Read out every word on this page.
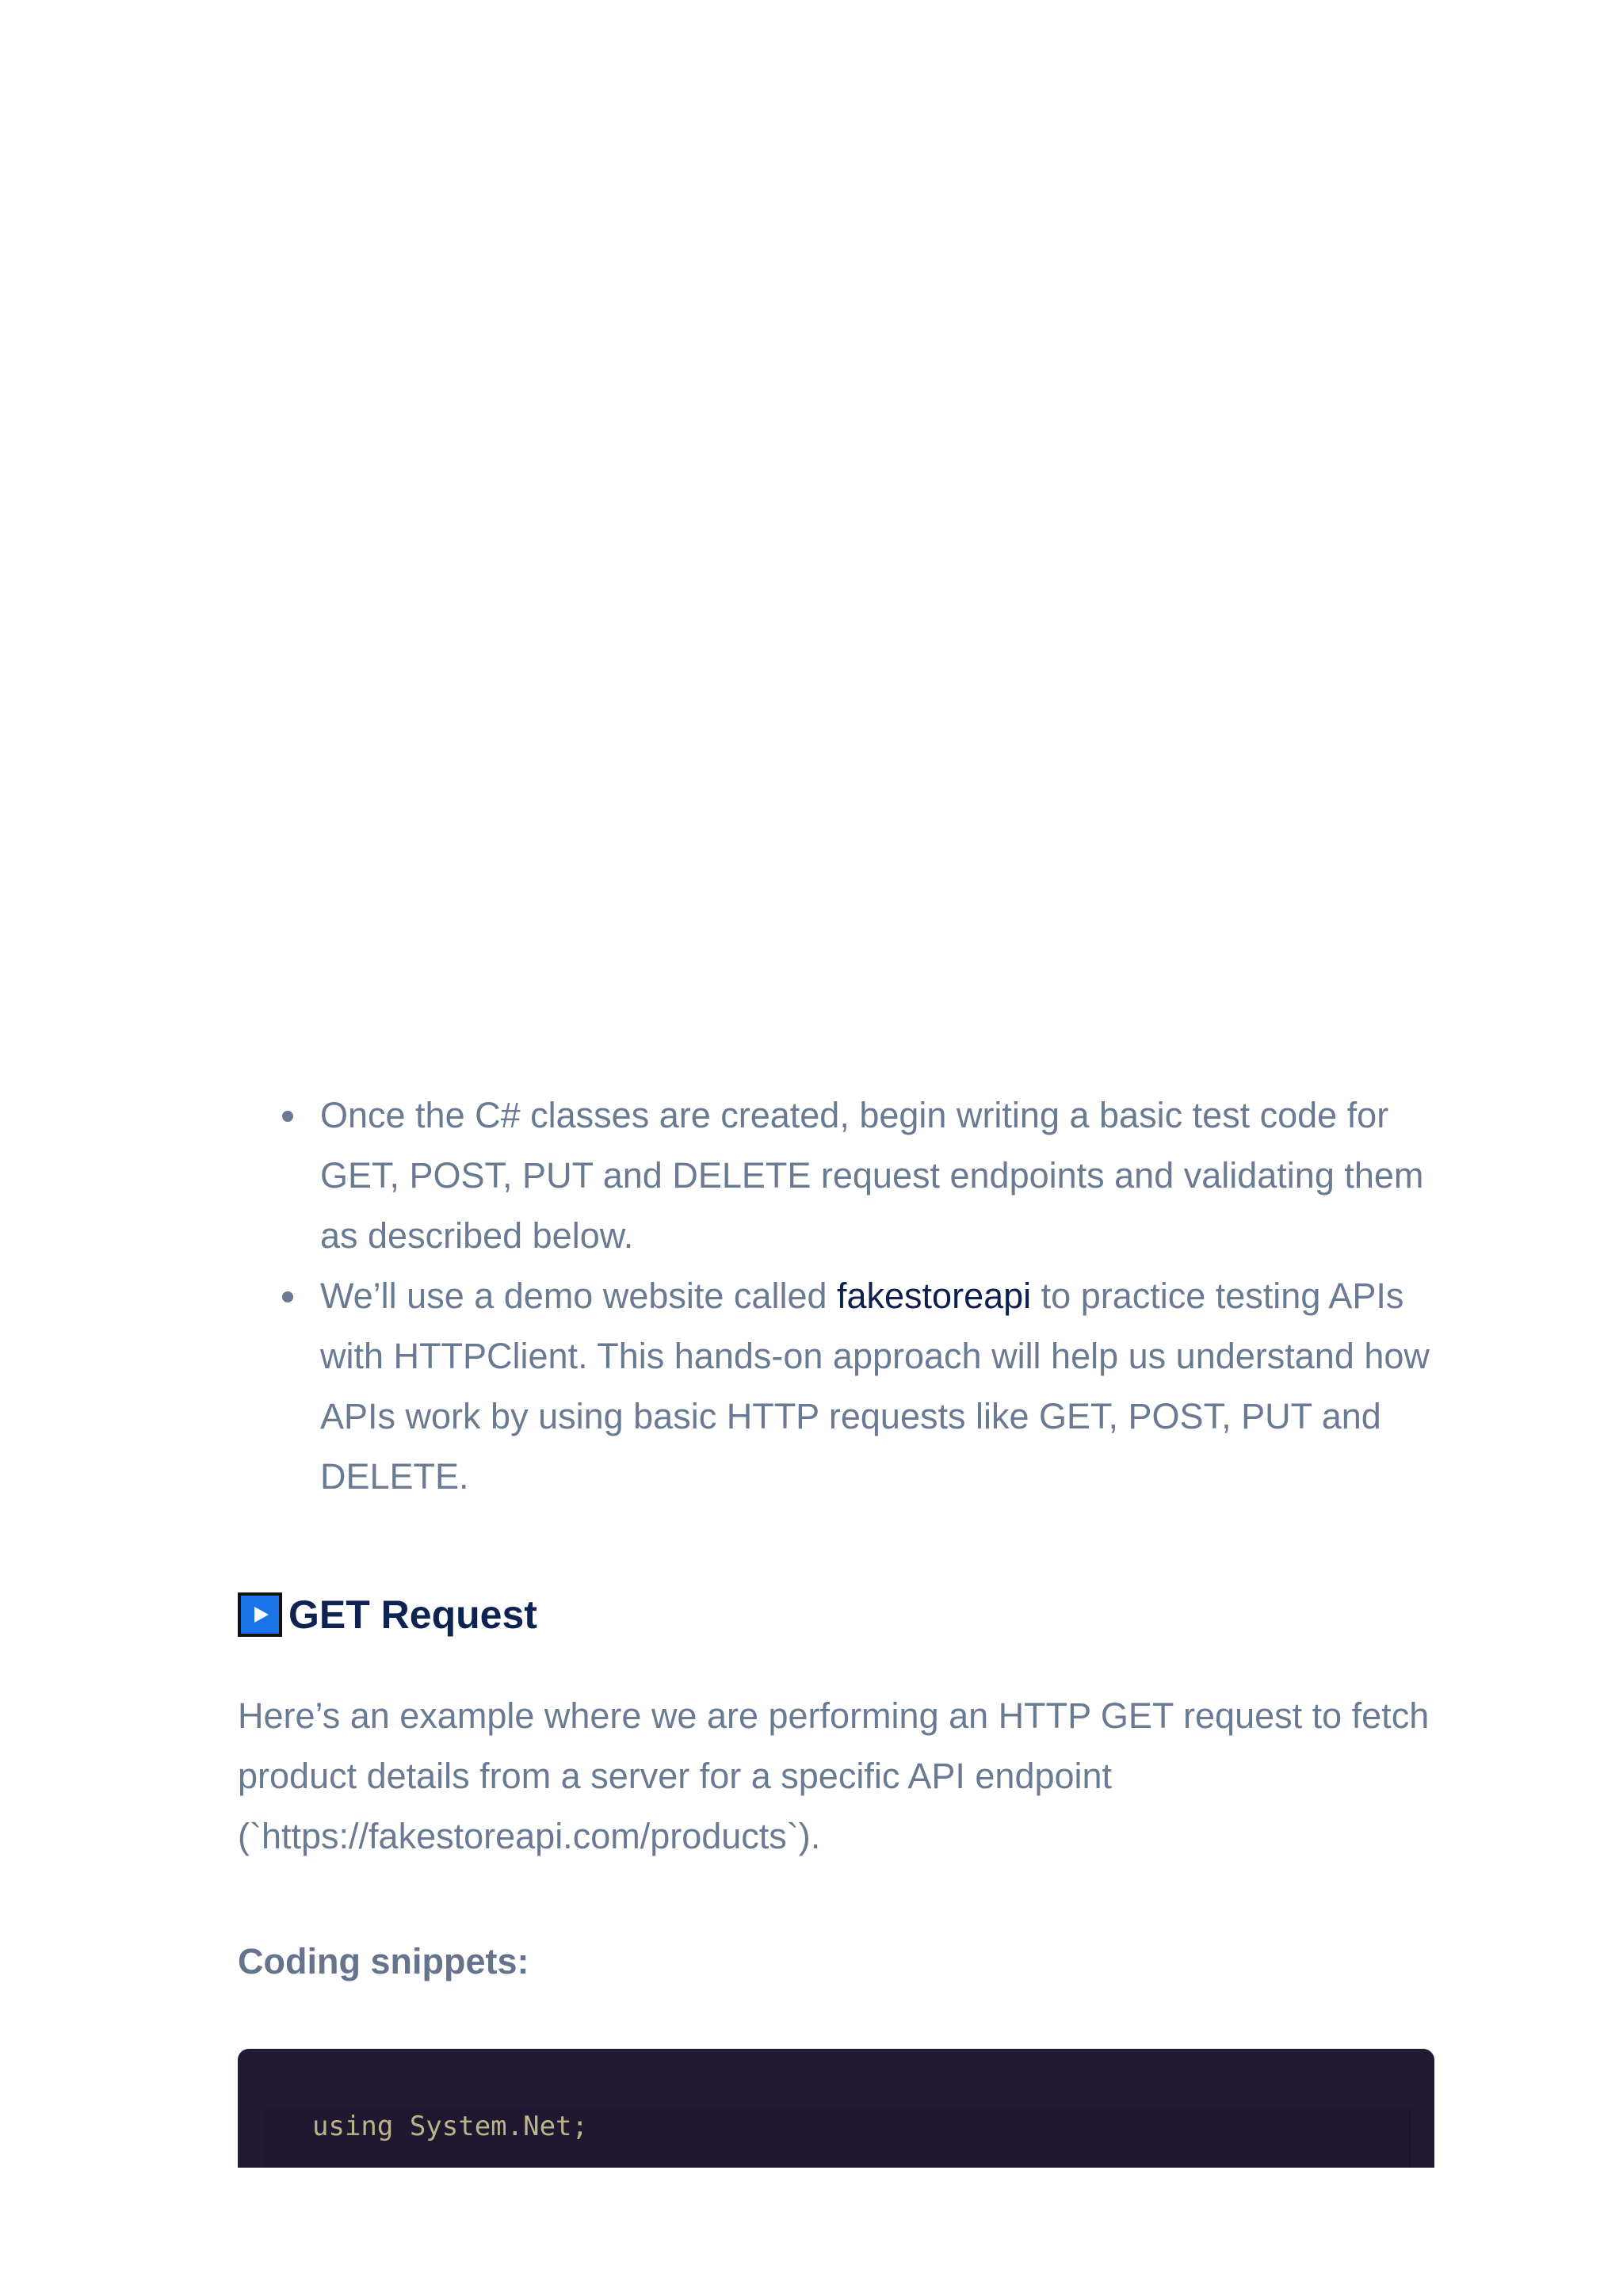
Once the C# classes are created, begin writing a basic test code for GET, POST, PUT and DELETE request endpoints and validating them as described below.
We’ll use a demo website called fakestoreapi to practice testing APIs with HTTPClient. This hands-on approach will help us understand how APIs work by using basic HTTP requests like GET, POST, PUT and DELETE.
GET Request

Here’s an example where we are performing an HTTP GET request to fetch product details from a server for a specific API endpoint (`https://fakestoreapi.com/products`).

Coding snippets:
using System.Net;
